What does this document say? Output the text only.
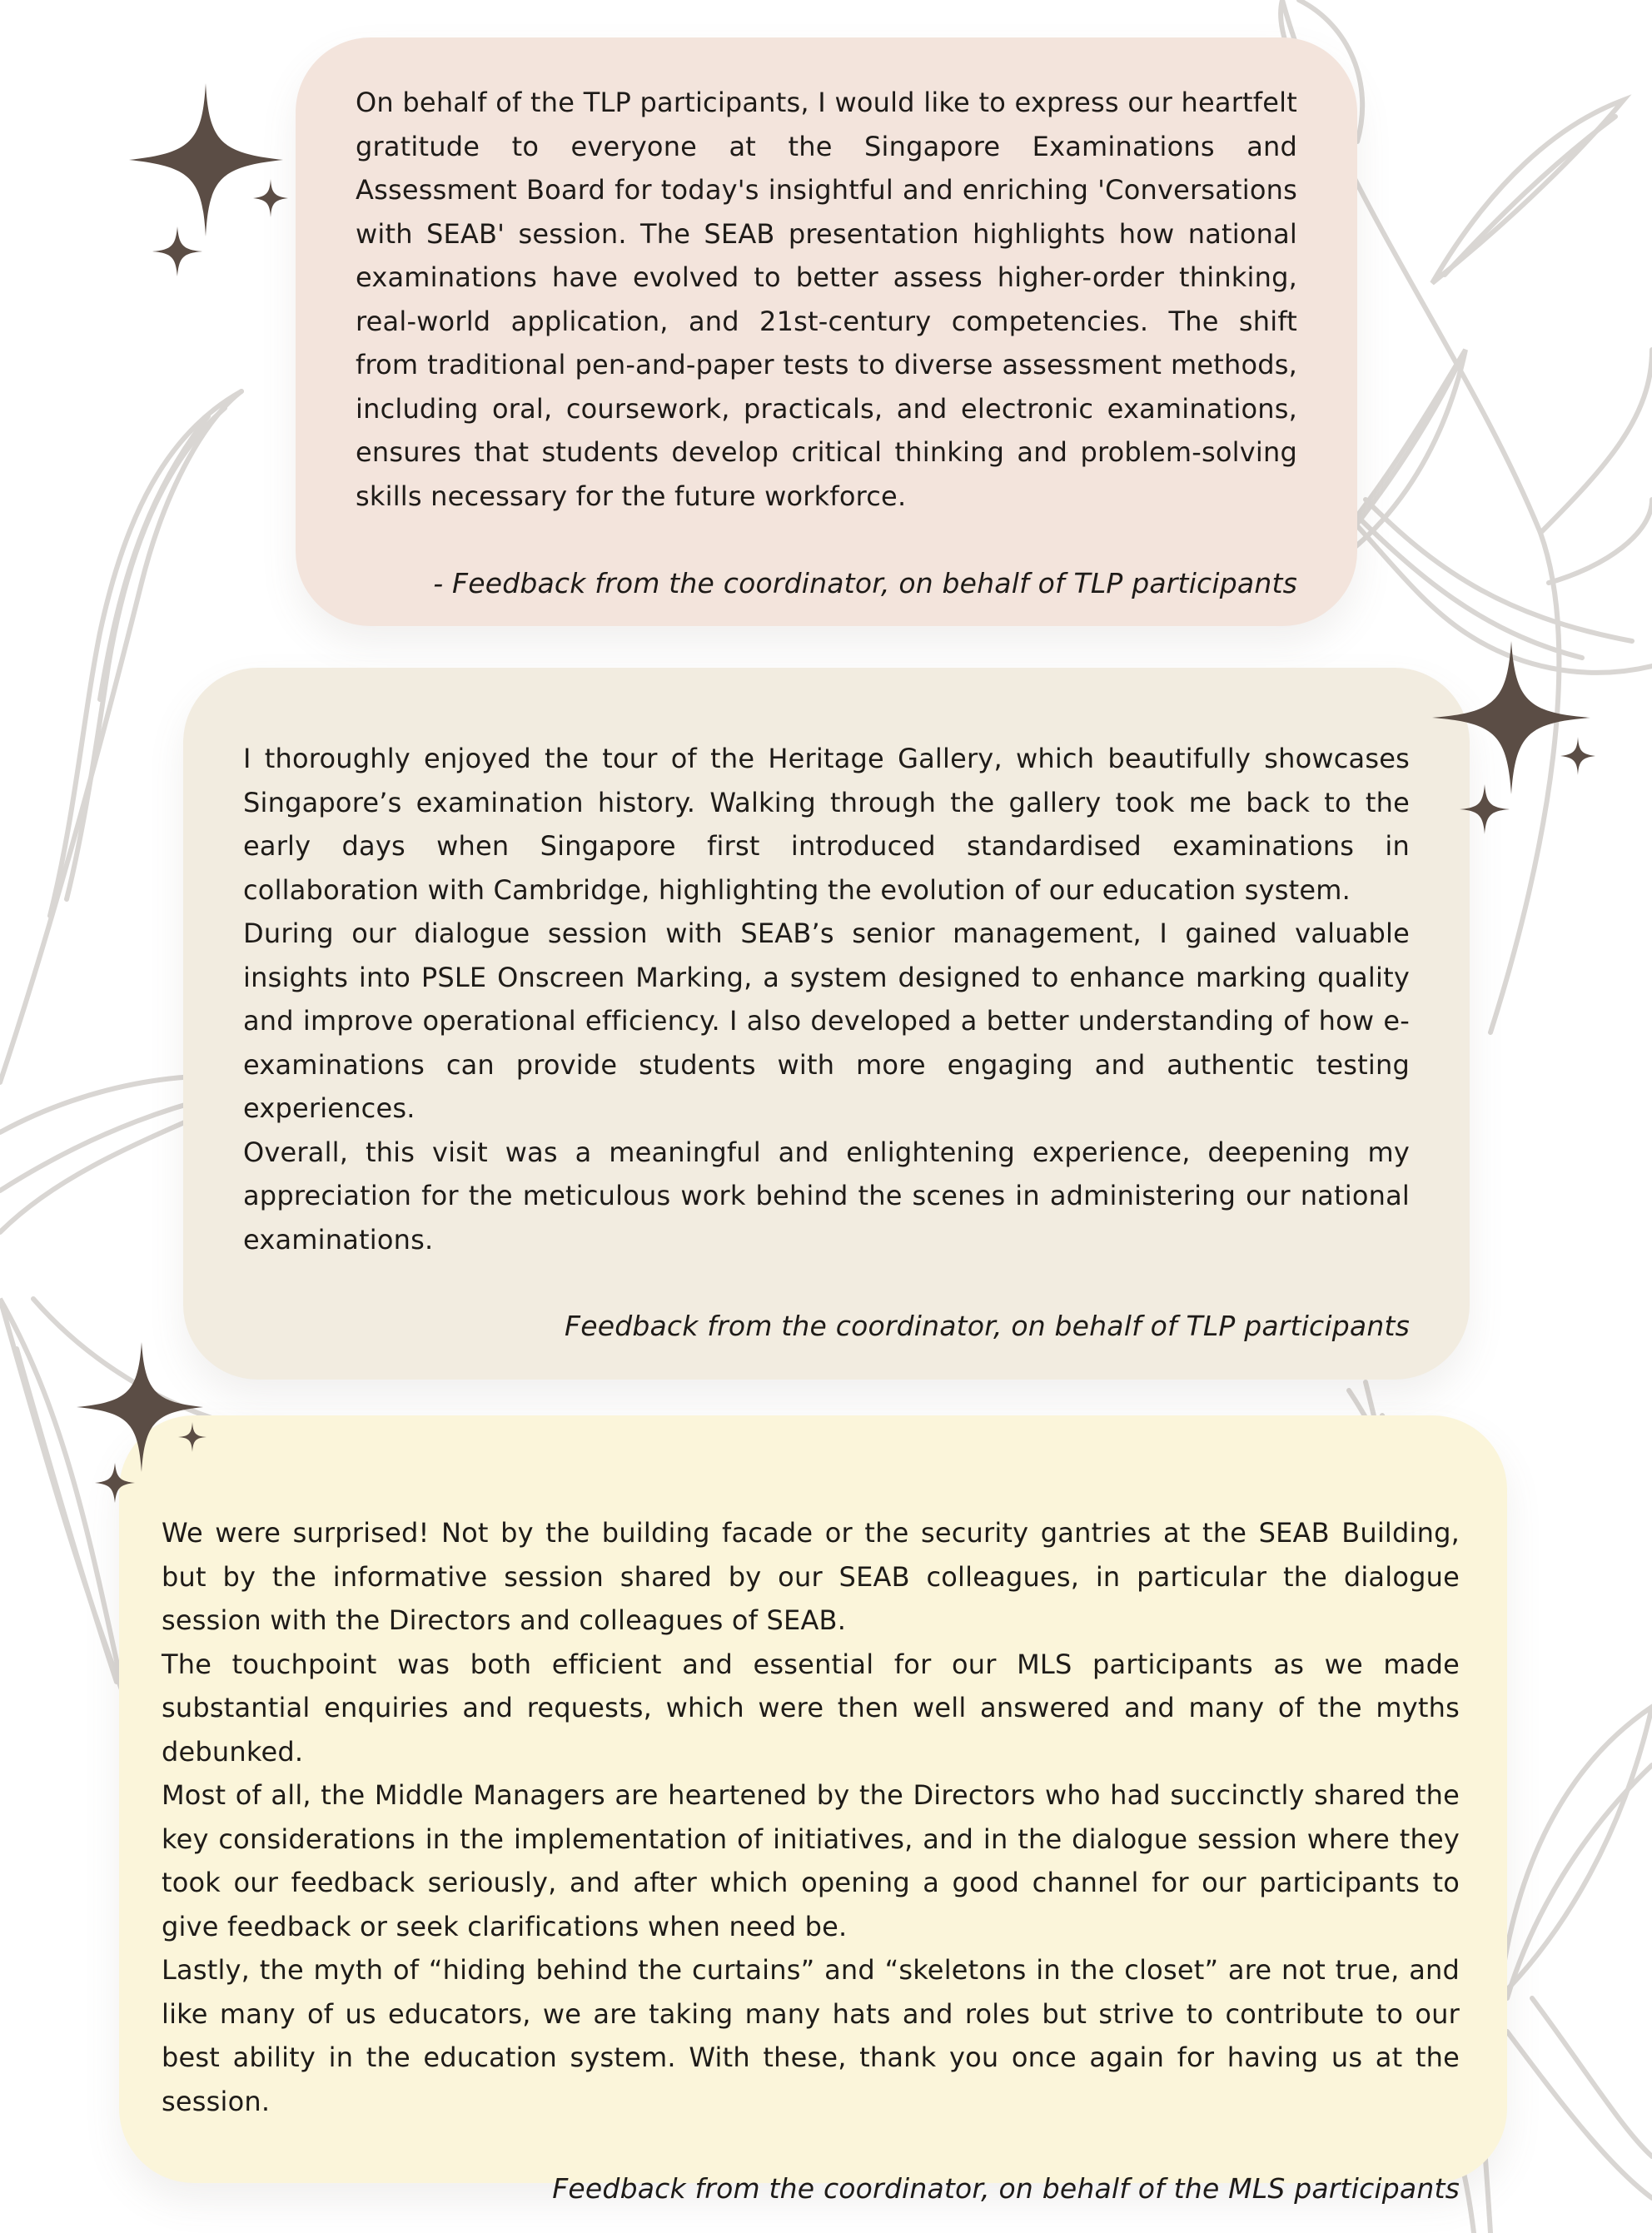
On behalf of the TLP participants, I would like to express our heartfelt gratitude to everyone at the Singapore Examinations and Assessment Board for today's insightful and enriching 'Conversations with SEAB' session. The SEAB presentation highlights how national examinations have evolved to better assess higher-order thinking, real-world application, and 21st-century competencies. The shift from traditional pen-and-paper tests to diverse assessment methods, including oral, coursework, practicals, and electronic examinations, ensures that students develop critical thinking and problem-solving skills necessary for the future workforce.

- Feedback from the coordinator, on behalf of TLP participants

I thoroughly enjoyed the tour of the Heritage Gallery, which beautifully showcases Singapore’s examination history. Walking through the gallery took me back to the early days when Singapore first introduced standardised examinations in collaboration with Cambridge, highlighting the evolution of our education system.

During our dialogue session with SEAB’s senior management, I gained valuable insights into PSLE Onscreen Marking, a system designed to enhance marking quality and improve operational efficiency. I also developed a better understanding of how e-examinations can provide students with more engaging and authentic testing experiences.

Overall, this visit was a meaningful and enlightening experience, deepening my appreciation for the meticulous work behind the scenes in administering our national examinations.

Feedback from the coordinator, on behalf of TLP participants

We were surprised! Not by the building facade or the security gantries at the SEAB Building, but by the informative session shared by our SEAB colleagues, in particular the dialogue session with the Directors and colleagues of SEAB.

The touchpoint was both efficient and essential for our MLS participants as we made substantial enquiries and requests, which were then well answered and many of the myths debunked.

Most of all, the Middle Managers are heartened by the Directors who had succinctly shared the key considerations in the implementation of initiatives, and in the dialogue session where they took our feedback seriously, and after which opening a good channel for our participants to give feedback or seek clarifications when need be.

Lastly, the myth of “hiding behind the curtains” and “skeletons in the closet” are not true, and like many of us educators, we are taking many hats and roles but strive to contribute to our best ability in the education system. With these, thank you once again for having us at the session.

Feedback from the coordinator, on behalf of the MLS participants
